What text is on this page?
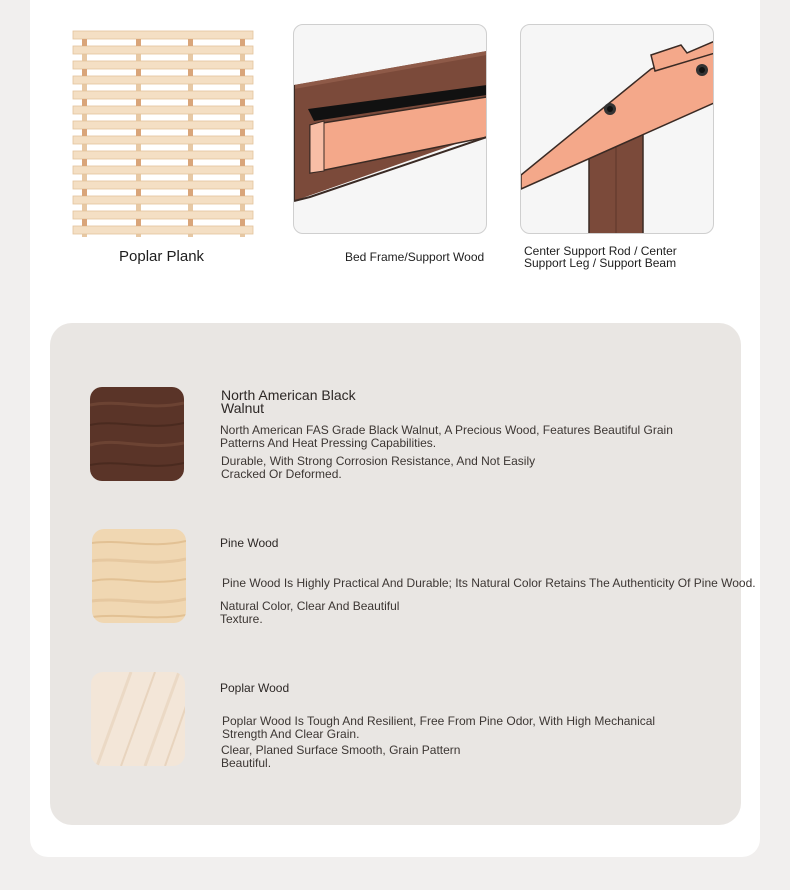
Poplar Plank	Bed Frame/Support Wood	Center Support Rod / Center Support Leg / Support Beam
North American Black Walnut
North American FAS Grade Black Walnut, A Precious Wood, Features Beautiful Grain Patterns And Heat Pressing Capabilities.
Durable, With Strong Corrosion Resistance, And Not Easily Cracked Or Deformed.
Pine Wood
Pine Wood Is Highly Practical And Durable; Its Natural Color Retains The Authenticity Of Pine Wood.
Natural Color, Clear And Beautiful Texture.
Poplar Wood
Poplar Wood Is Tough And Resilient, Free From Pine Odor, With High Mechanical Strength And Clear Grain.
Clear, Planed Surface Smooth, Grain Pattern Beautiful.
